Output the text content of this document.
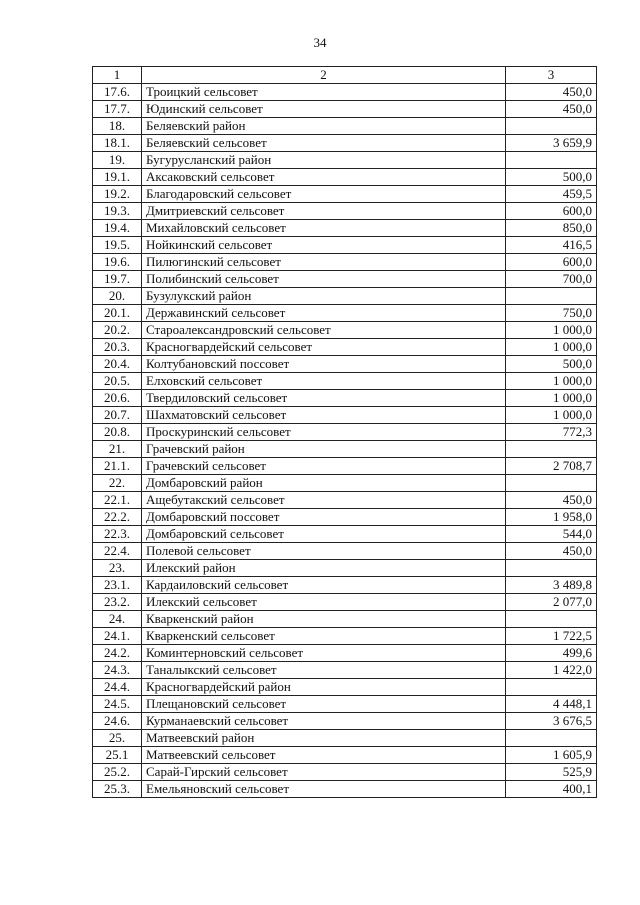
34
1	2	3
17.6.	Троицкий сельсовет	450,0
17.7.	Юдинский сельсовет	450,0
18.	Беляевский район	
18.1.	Беляевский сельсовет	3 659,9
19.	Бугурусланский район	
19.1.	Аксаковский сельсовет	500,0
19.2.	Благодаровский сельсовет	459,5
19.3.	Дмитриевский сельсовет	600,0
19.4.	Михайловский сельсовет	850,0
19.5.	Нойкинский сельсовет	416,5
19.6.	Пилюгинский сельсовет	600,0
19.7.	Полибинский сельсовет	700,0
20.	Бузулукский район	
20.1.	Державинский сельсовет	750,0
20.2.	Староалександровский сельсовет	1 000,0
20.3.	Красногвардейский сельсовет	1 000,0
20.4.	Колтубановский поссовет	500,0
20.5.	Елховский сельсовет	1 000,0
20.6.	Твердиловский сельсовет	1 000,0
20.7.	Шахматовский сельсовет	1 000,0
20.8.	Проскуринский сельсовет	772,3
21.	Грачевский район	
21.1.	Грачевский сельсовет	2 708,7
22.	Домбаровский район	
22.1.	Ащебутакский сельсовет	450,0
22.2.	Домбаровский поссовет	1 958,0
22.3.	Домбаровский сельсовет	544,0
22.4.	Полевой сельсовет	450,0
23.	Илекский район	
23.1.	Кардаиловский сельсовет	3 489,8
23.2.	Илекский сельсовет	2 077,0
24.	Кваркенский район	
24.1.	Кваркенский сельсовет	1 722,5
24.2.	Коминтерновский сельсовет	499,6
24.3.	Таналыкский сельсовет	1 422,0
24.4.	Красногвардейский район	
24.5.	Плещановский сельсовет	4 448,1
24.6.	Курманаевский сельсовет	3 676,5
25.	Матвеевский район	
25.1	Матвеевский сельсовет	1 605,9
25.2.	Сарай-Гирский сельсовет	525,9
25.3.	Емельяновский сельсовет	400,1
